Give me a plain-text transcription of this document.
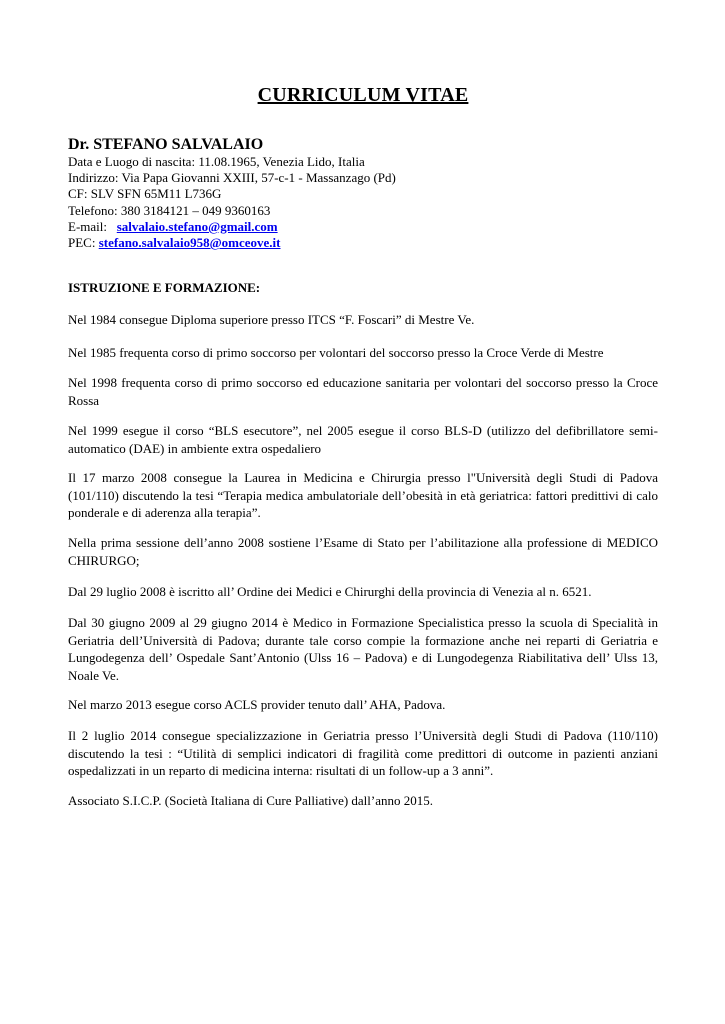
CURRICULUM VITAE
Dr. STEFANO SALVALAIO
Data e Luogo di nascita: 11.08.1965, Venezia Lido, Italia
Indirizzo: Via Papa Giovanni XXIII, 57-c-1 - Massanzago (Pd)
CF: SLV SFN 65M11 L736G
Telefono: 380 3184121 – 049 9360163
E-mail: salvalaio.stefano@gmail.com
PEC: stefano.salvalaio958@omceove.it
ISTRUZIONE E FORMAZIONE:
Nel 1984 consegue Diploma superiore presso ITCS “F. Foscari” di Mestre Ve.
Nel 1985 frequenta corso di primo soccorso per volontari del soccorso presso la Croce Verde di Mestre
Nel 1998 frequenta corso di primo soccorso ed educazione sanitaria per volontari del soccorso presso la Croce Rossa
Nel 1999 esegue il corso “BLS esecutore”, nel 2005 esegue il corso BLS-D (utilizzo del defibrillatore semi-automatico (DAE) in ambiente extra ospedaliero
Il 17 marzo 2008 consegue la Laurea in Medicina e Chirurgia presso l"Università degli Studi di Padova (101/110) discutendo la tesi “Terapia medica ambulatoriale dell’obesità in età geriatrica: fattori predittivi di calo ponderale e di aderenza alla terapia”.
Nella prima sessione dell’anno 2008 sostiene l’Esame di Stato per l’abilitazione alla professione di MEDICO CHIRURGO;
Dal 29 luglio 2008 è iscritto all’ Ordine dei Medici e Chirurghi della provincia di Venezia al n. 6521.
Dal 30 giugno 2009 al 29 giugno 2014 è Medico in Formazione Specialistica presso la scuola di Specialità in Geriatria dell’Università di Padova; durante tale corso compie la formazione anche nei reparti di Geriatria e Lungodegenza dell’ Ospedale Sant’Antonio (Ulss 16 – Padova) e di Lungodegenza Riabilitativa dell’ Ulss 13, Noale Ve.
Nel marzo 2013 esegue corso ACLS provider tenuto dall’ AHA, Padova.
Il 2 luglio 2014 consegue specializzazione in Geriatria presso l’Università degli Studi di Padova (110/110) discutendo la tesi : “Utilità di semplici indicatori di fragilità come predittori di outcome in pazienti anziani ospedalizzati in un reparto di medicina interna: risultati di un follow-up a 3 anni”.
Associato S.I.C.P. (Società Italiana di Cure Palliative) dall’anno 2015.
